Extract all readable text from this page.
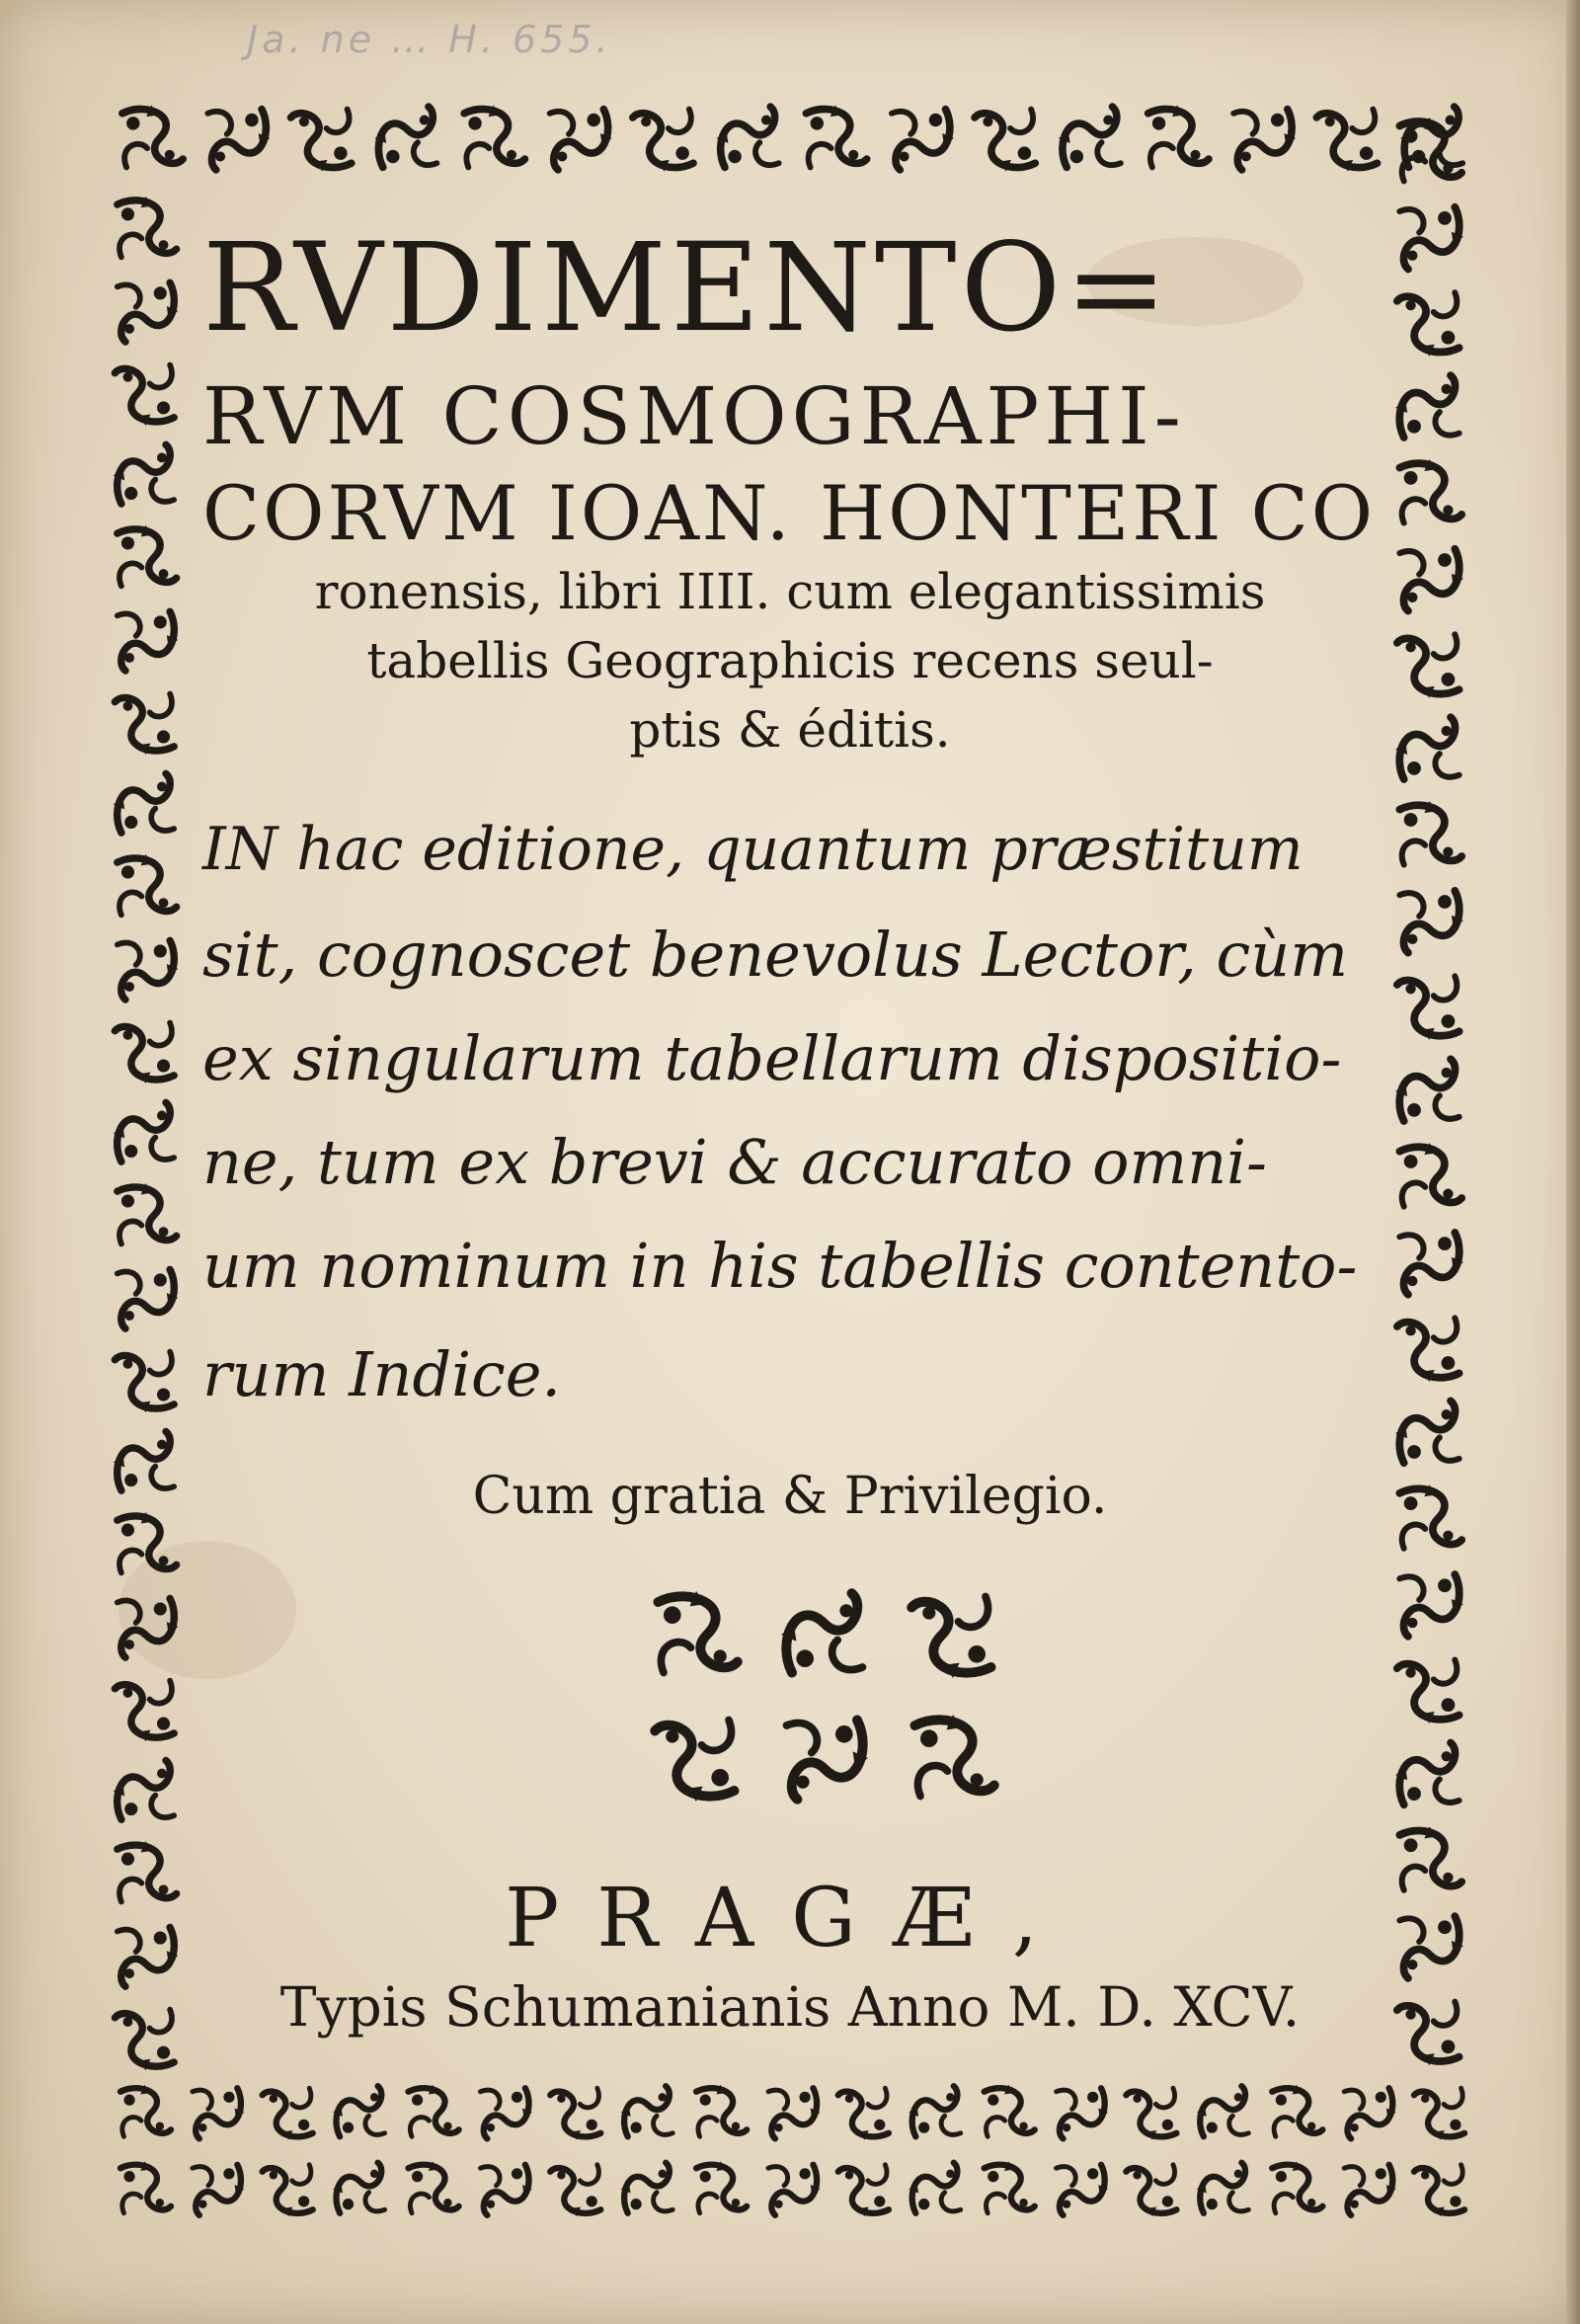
Ja. ne … H. 655.
RVDIMENTO=
RVM COSMOGRAPHI-
CORVM IOAN. HONTERI CO
ronensis, libri IIII. cum elegantissimis
tabellis Geographicis recens seul-
ptis & éditis.
IN hac editione, quantum præstitum
sit, cognoscet benevolus Lector, cùm
ex singularum tabellarum dispositio-
ne, tum ex brevi & accurato omni-
um nominum in his tabellis contento-
rum Indice.
Cum gratia & Privilegio.
PRAGÆ,
Typis Schumanianis Anno M. D. XCV.
